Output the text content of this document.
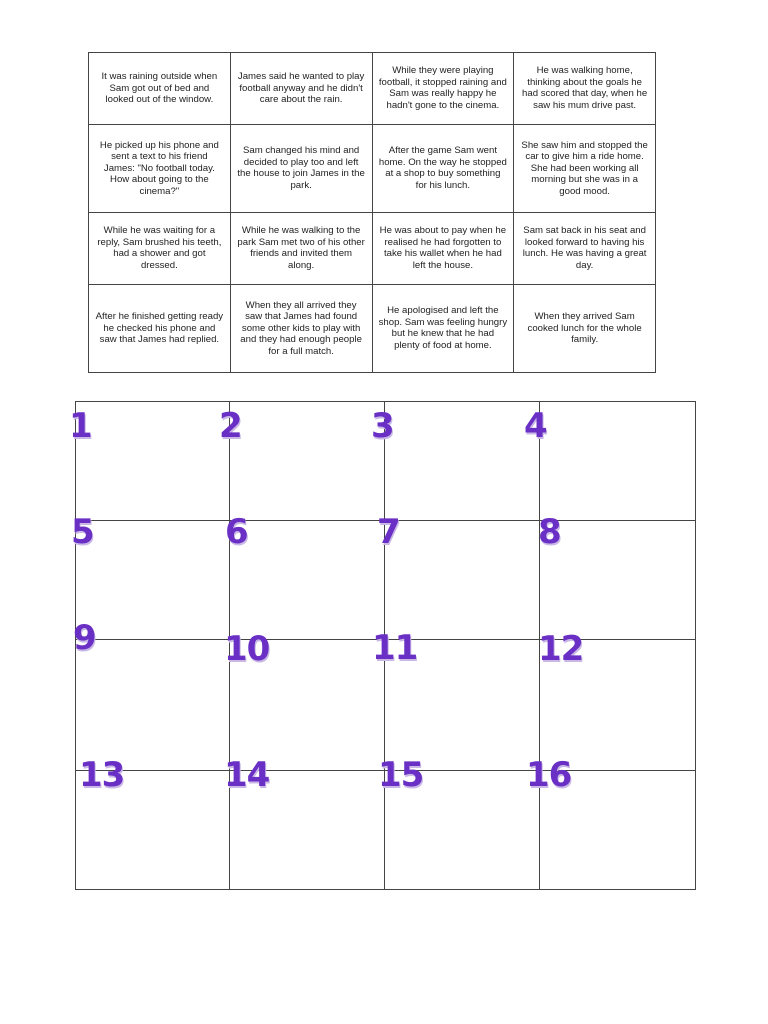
It was raining outside when Sam got out of bed and looked out of the window.	James said he wanted to play football anyway and he didn't care about the rain.	While they were playing football, it stopped raining and Sam was really happy he hadn't gone to the cinema.	He was walking home, thinking about the goals he had scored that day, when he saw his mum drive past.
He picked up his phone and sent a text to his friend James: "No football today. How about going to the cinema?"	Sam changed his mind and decided to play too and left the house to join James in the park.	After the game Sam went home. On the way he stopped at a shop to buy something for his lunch.	She saw him and stopped the car to give him a ride home. She had been working all morning but she was in a good mood.
While he was waiting for a reply, Sam brushed his teeth, had a shower and got dressed.	While he was walking to the park Sam met two of his other friends and invited them along.	He was about to pay when he realised he had forgotten to take his wallet when he had left the house.	Sam sat back in his seat and looked forward to having his lunch. He was having a great day.
After he finished getting ready he checked his phone and saw that James had replied.	When they all arrived they saw that James had found some other kids to play with and they had enough people for a full match.	He apologised and left the shop. Sam was feeling hungry but he knew that he had plenty of food at home.	When they arrived Sam cooked lunch for the whole family.
1	2	3	4
5	6	7	8
9	10	11	12
13	14	15	16
